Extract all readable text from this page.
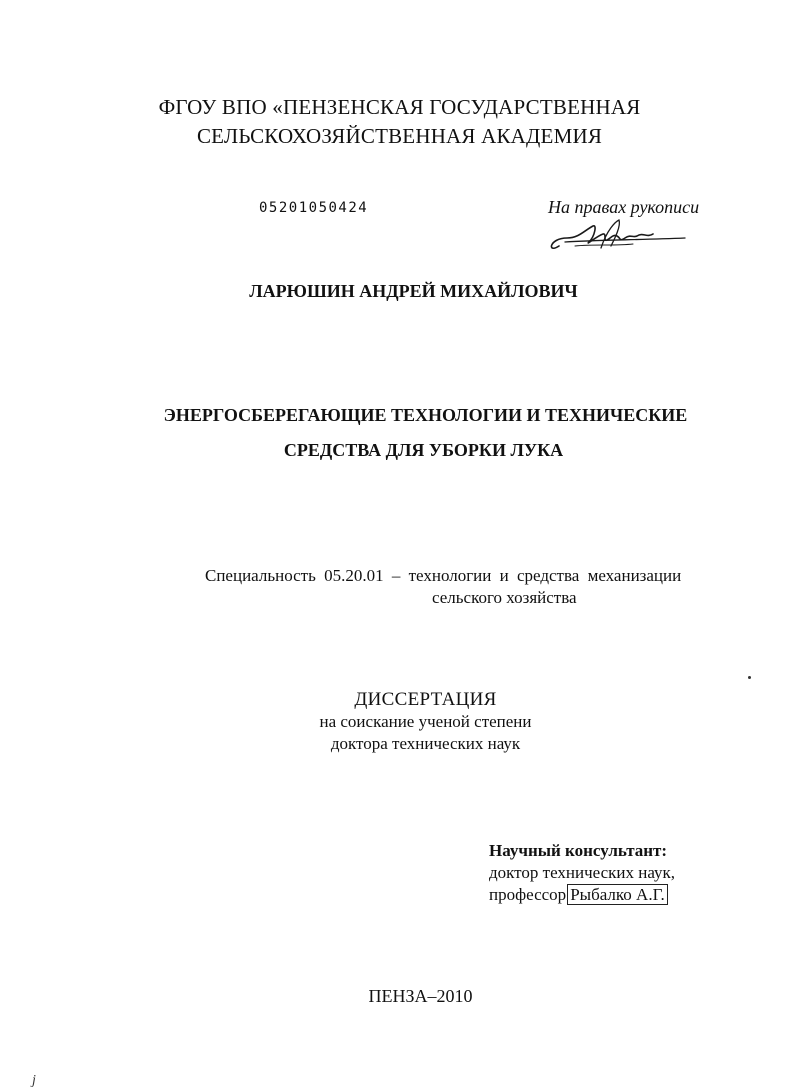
ФГОУ ВПО «ПЕНЗЕНСКАЯ ГОСУДАРСТВЕННАЯ
СЕЛЬСКОХОЗЯЙСТВЕННАЯ АКАДЕМИЯ
05201050424	На правах рукописи
ЛАРЮШИН АНДРЕЙ МИХАЙЛОВИЧ
ЭНЕРГОСБЕРЕГАЮЩИЕ ТЕХНОЛОГИИ И ТЕХНИЧЕСКИЕ
СРЕДСТВА ДЛЯ УБОРКИ ЛУКА
Специальность 05.20.01 – технологии и средства механизации
сельского хозяйства
ДИССЕРТАЦИЯ
на соискание ученой степени
доктора технических наук
Научный консультант:
доктор технических наук,
профессор Рыбалко А.Г.
ПЕНЗА–2010
j
